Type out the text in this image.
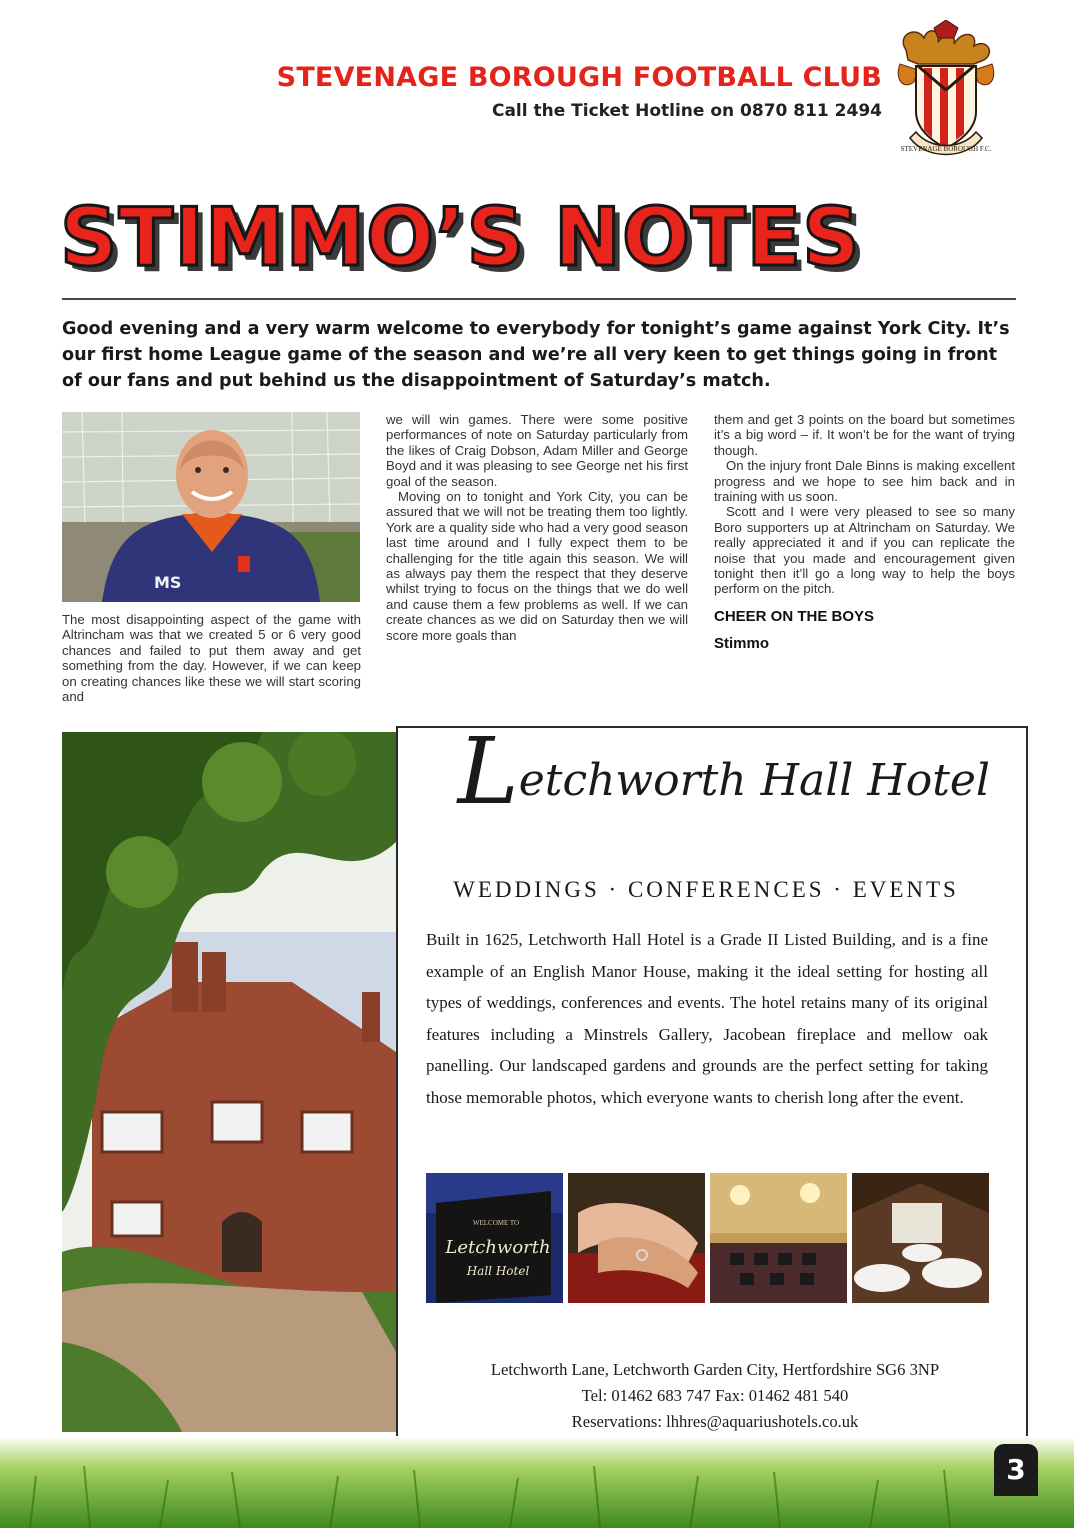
STEVENAGE BOROUGH FOOTBALL CLUB
Call the Ticket Hotline on 0870 811 2494
STEVENAGE BOROUGH F.C.
STIMMO’S NOTES
Good evening and a very warm welcome to everybody for tonight’s game against York City. It’s our first home League game of the season and we’re all very keen to get things going in front of our fans and put behind us the disappointment of Saturday’s match.
MS

The most disappointing aspect of the game with Altrincham was that we created 5 or 6 very good chances and failed to put them away and get something from the day. However, if we can keep on creating chances like these we will start scoring and

we will win games. There were some positive performances of note on Saturday particularly from the likes of Craig Dobson, Adam Miller and George Boyd and it was pleasing to see George net his first goal of the season.

Moving on to tonight and York City, you can be assured that we will not be treating them too lightly. York are a quality side who had a very good season last time around and I fully expect them to be challenging for the title again this season. We will as always pay them the respect that they deserve whilst trying to focus on the things that we do well and cause them a few problems as well. If we can create chances as we did on Saturday then we will score more goals than

them and get 3 points on the board but sometimes it’s a big word – if. It won’t be for the want of trying though.

On the injury front Dale Binns is making excellent progress and we hope to see him back and in training with us soon.

Scott and I were very pleased to see so many Boro supporters up at Altrincham on Saturday. We really appreciated it and if you can replicate the noise that you made and encouragement given tonight then it’ll go a long way to help the boys perform on the pitch.

CHEER ON THE BOYS

Stimmo

Letchworth Hall Hotel
WEDDINGS · CONFERENCES · EVENTS
Built in 1625, Letchworth Hall Hotel is a Grade II Listed Building, and is a fine example of an English Manor House, making it the ideal setting for hosting all types of weddings, conferences and events. The hotel retains many of its original features including a Minstrels Gallery, Jacobean fireplace and mellow oak panelling. Our landscaped gardens and grounds are the perfect setting for taking those memorable photos, which everyone wants to cherish long after the event.
WELCOME TO
Letchworth
Hall Hotel
Letchworth Lane, Letchworth Garden City, Hertfordshire SG6 3NP
Tel: 01462 683 747 Fax: 01462 481 540
Reservations: lhhres@aquariushotels.co.uk
3
